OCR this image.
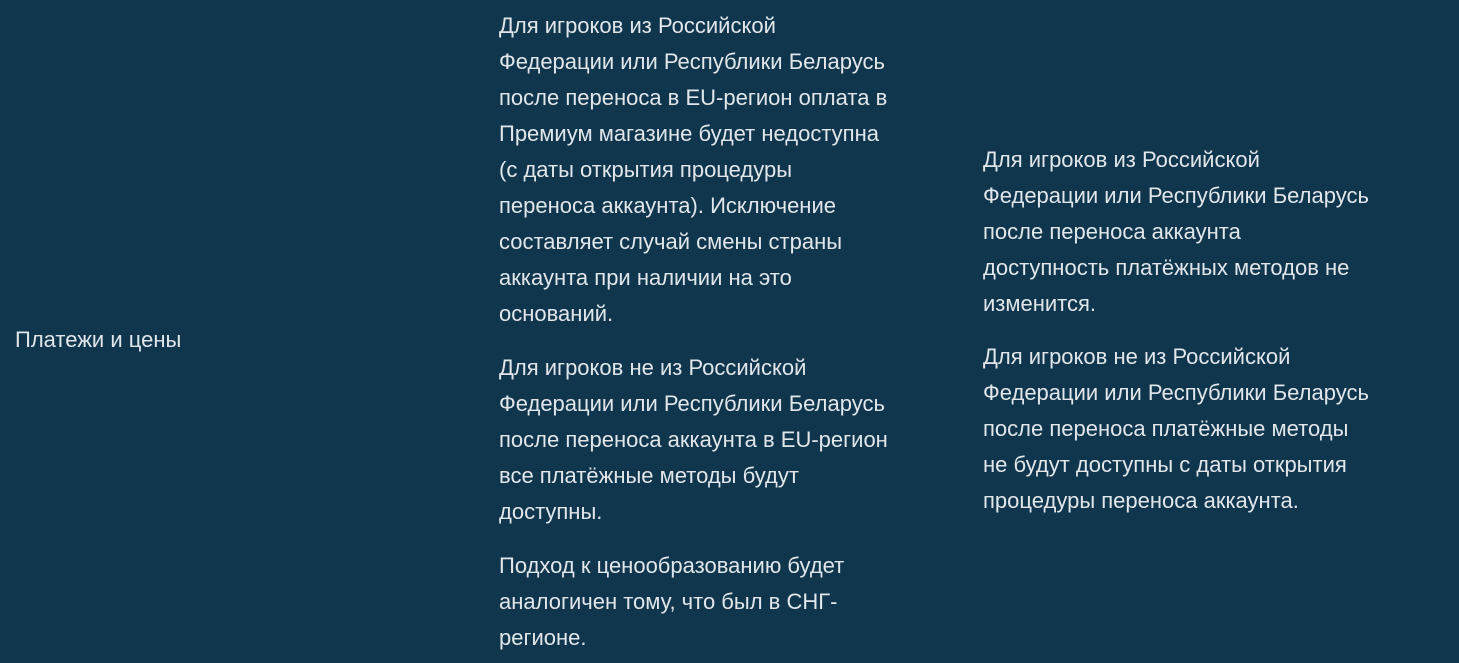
Платежи и цены

Для игроков из Российской
Федерации или Республики Беларусь
после переноса в EU-регион оплата в
Премиум магазине будет недоступна
(с даты открытия процедуры
переноса аккаунта). Исключение
составляет случай смены страны
аккаунта при наличии на это
оснований.

Для игроков не из Российской
Федерации или Республики Беларусь
после переноса аккаунта в EU-регион
все платёжные методы будут
доступны.

Подход к ценообразованию будет
аналогичен тому, что был в СНГ-
регионе.

Для игроков из Российской
Федерации или Республики Беларусь
после переноса аккаунта
доступность платёжных методов не
изменится.

Для игроков не из Российской
Федерации или Республики Беларусь
после переноса платёжные методы
не будут доступны с даты открытия
процедуры переноса аккаунта.
